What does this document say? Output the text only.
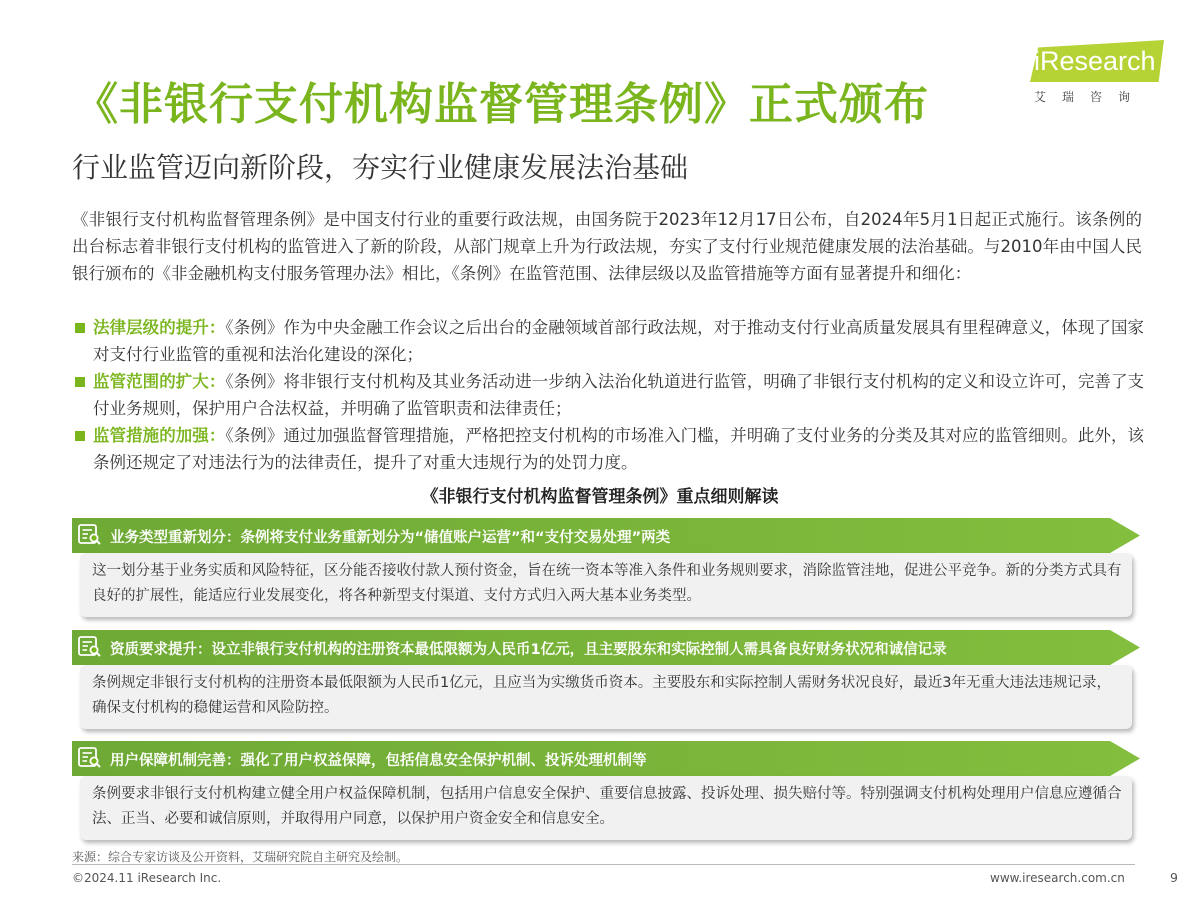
《非银行支付机构监督管理条例》正式颁布
行业监管迈向新阶段，夯实行业健康发展法治基础
iResearch
艾瑞咨询
《非银行支付机构监督管理条例》是中国支付行业的重要行政法规，由国务院于2023年12月17日公布，自2024年5月1日起正式施行。该条例的出台标志着非银行支付机构的监管进入了新的阶段，从部门规章上升为行政法规，夯实了支付行业规范健康发展的法治基础。与2010年由中国人民银行颁布的《非金融机构支付服务管理办法》相比，《条例》在监管范围、法律层级以及监管措施等方面有显著提升和细化：
法律层级的提升：《条例》作为中央金融工作会议之后出台的金融领域首部行政法规，对于推动支付行业高质量发展具有里程碑意义，体现了国家对支付行业监管的重视和法治化建设的深化；
监管范围的扩大：《条例》将非银行支付机构及其业务活动进一步纳入法治化轨道进行监管，明确了非银行支付机构的定义和设立许可，完善了支付业务规则，保护用户合法权益，并明确了监管职责和法律责任；
监管措施的加强：《条例》通过加强监督管理措施，严格把控支付机构的市场准入门槛，并明确了支付业务的分类及其对应的监管细则。此外，该条例还规定了对违法行为的法律责任，提升了对重大违规行为的处罚力度。
《非银行支付机构监督管理条例》重点细则解读
业务类型重新划分：条例将支付业务重新划分为“储值账户运营”和“支付交易处理”两类
这一划分基于业务实质和风险特征，区分能否接收付款人预付资金，旨在统一资本等准入条件和业务规则要求，消除监管洼地，促进公平竞争。新的分类方式具有良好的扩展性，能适应行业发展变化，将各种新型支付渠道、支付方式归入两大基本业务类型。
资质要求提升：设立非银行支付机构的注册资本最低限额为人民币1亿元，且主要股东和实际控制人需具备良好财务状况和诚信记录
条例规定非银行支付机构的注册资本最低限额为人民币1亿元，且应当为实缴货币资本。主要股东和实际控制人需财务状况良好，最近3年无重大违法违规记录，确保支付机构的稳健运营和风险防控。
用户保障机制完善：强化了用户权益保障，包括信息安全保护机制、投诉处理机制等
条例要求非银行支付机构建立健全用户权益保障机制，包括用户信息安全保护、重要信息披露、投诉处理、损失赔付等。特别强调支付机构处理用户信息应遵循合法、正当、必要和诚信原则，并取得用户同意，以保护用户资金安全和信息安全。
来源：综合专家访谈及公开资料，艾瑞研究院自主研究及绘制。
©2024.11 iResearch Inc.	www.iresearch.com.cn	9
